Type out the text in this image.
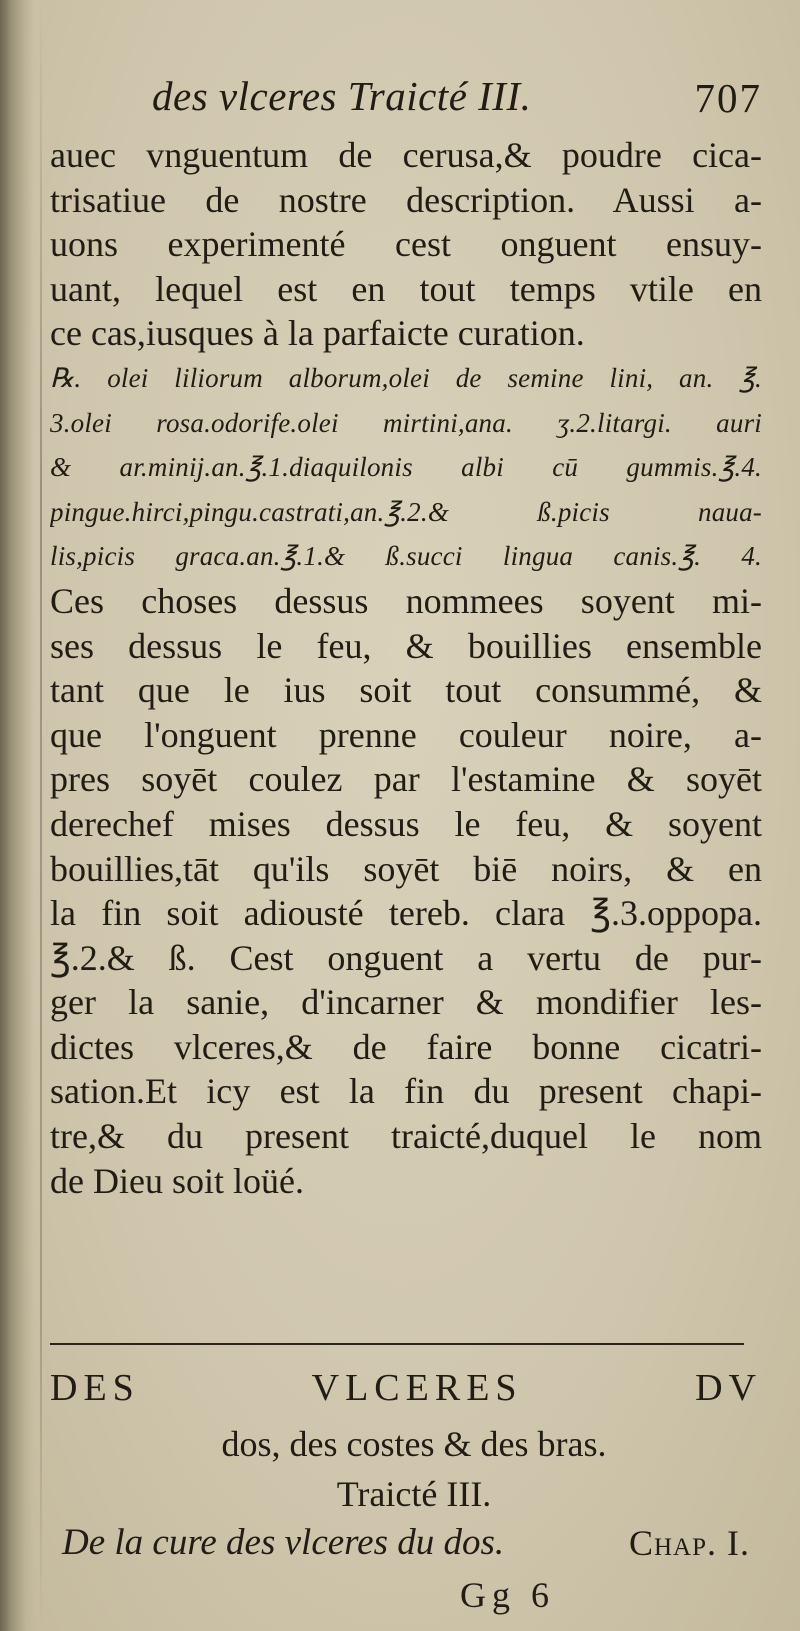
des vlceres Traicté III.	707
auec vnguentum de cerusa,& poudre cica-
trisatiue de nostre description. Aussi a-
uons experimenté cest onguent ensuy-
uant, lequel est en tout temps vtile en
ce cas,iusques à la parfaicte curation.
℞. olei liliorum alborum,olei de semine lini, an. ℥.
3.olei rosa.odorife.olei mirtini,ana. ʒ.2.litargi. auri
& ar.minij.an.℥.1.diaquilonis albi cū gummis.℥.4.
pingue.hirci,pingu.castrati,an.℥.2.& ß.picis naua-
lis,picis graca.an.℥.1.& ß.succi lingua canis.℥. 4.
Ces choses dessus nommees soyent mi-
ses dessus le feu, & bouillies ensemble
tant que le ius soit tout consummé, &
que l'onguent prenne couleur noire, a-
pres soyēt coulez par l'estamine & soyēt
derechef mises dessus le feu, & soyent
bouillies,tāt qu'ils soyēt biē noirs, & en
la fin soit adiousté tereb. clara ℥.3.oppopa.
℥.2.& ß. Cest onguent a vertu de pur-
ger la sanie, d'incarner & mondifier les-
dictes vlceres,& de faire bonne cicatri-
sation.Et icy est la fin du present chapi-
tre,& du present traicté,duquel le nom
de Dieu soit loüé.
DES VLCERES DV
dos, des costes & des bras.
Traicté III.
De la cure des vlceres du dos.	Chap. I.
Gg 6
